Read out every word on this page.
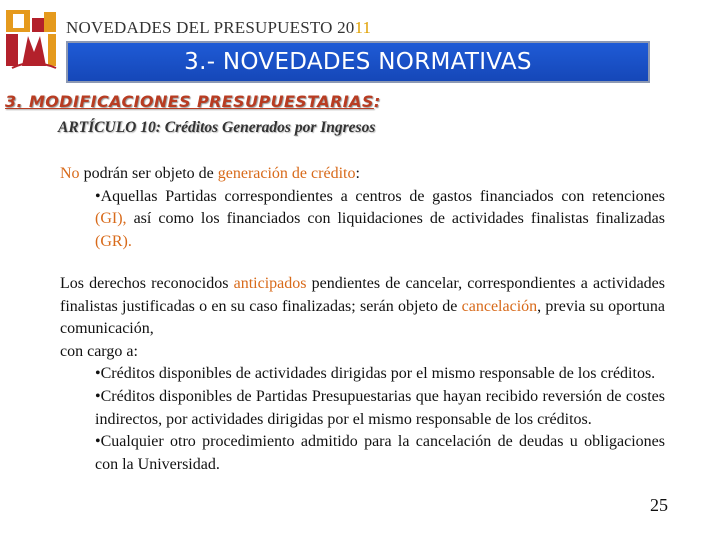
NOVEDADES DEL PRESUPUESTO 2011
3.- NOVEDADES NORMATIVAS
3. MODIFICACIONES PRESUPUESTARIAS:
ARTÍCULO 10: Créditos Generados por Ingresos
No podrán ser objeto de generación de crédito:
•Aquellas Partidas correspondientes a centros de gastos financiados con retenciones (GI), así como los financiados con liquidaciones de actividades finalistas finalizadas (GR).
Los derechos reconocidos anticipados pendientes de cancelar, correspondientes a actividades finalistas justificadas o en su caso finalizadas; serán objeto de cancelación, previa su oportuna comunicación,
con cargo a:
•Créditos disponibles de actividades dirigidas por el mismo responsable de los créditos.
•Créditos disponibles de Partidas Presupuestarias que hayan recibido reversión de costes indirectos, por actividades dirigidas por el mismo responsable de los créditos.
•Cualquier otro procedimiento admitido para la cancelación de deudas u obligaciones con la Universidad.
25
